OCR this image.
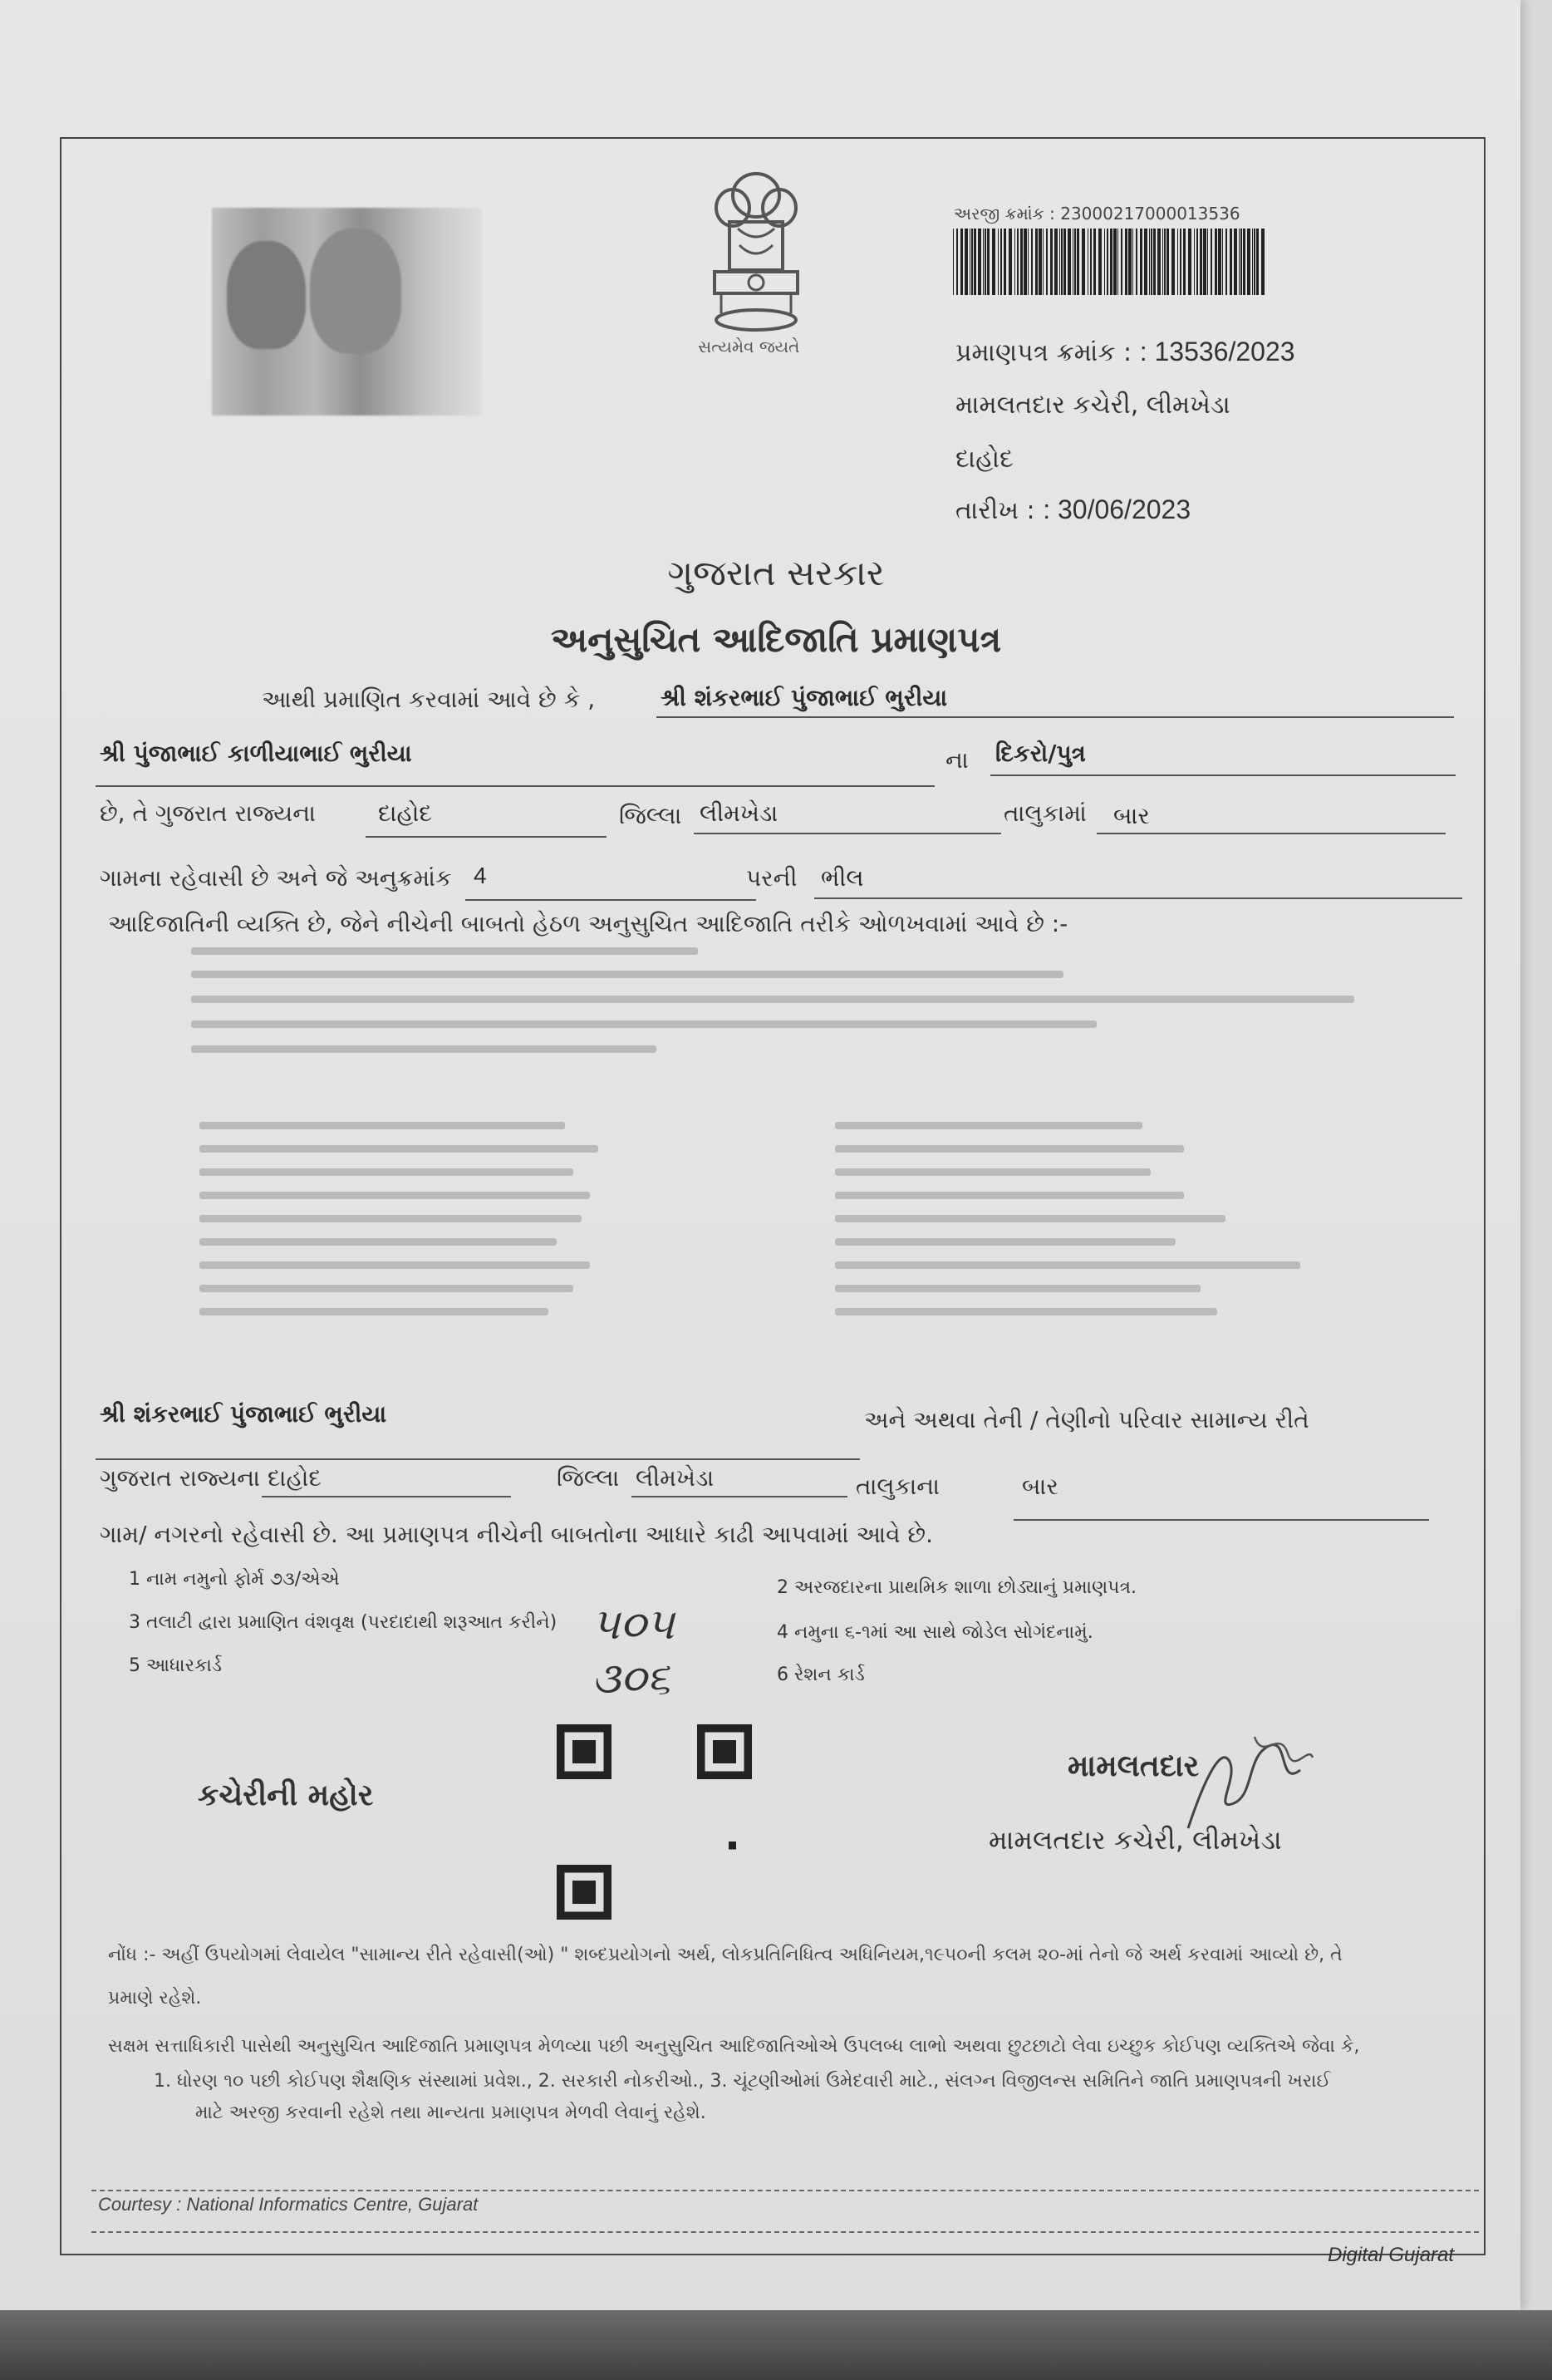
સત્યમેવ જયતે
અરજી ક્રમાંક : 23000217000013536
પ્રમાણપત્ર ક્રમાંક : : 13536/2023
મામલતદાર કચેરી, લીમખેડા
દાહોદ
તારીખ : : 30/06/2023
ગુજરાત સરકાર
અનુસુચિત આદિજાતિ પ્રમાણપત્ર
આથી પ્રમાણિત કરવામાં આવે છે કે ,	શ્રી શંકરભાઈ પુંજાભાઈ ભુરીયા
શ્રી પુંજાભાઈ કાળીયાભાઈ ભુરીયા	ના દિકરો/પુત્ર
છે, તે ગુજરાત રાજ્યના	દાહોદ	જિલ્લા લીમખેડા	તાલુકામાં બાર
ગામના રહેવાસી છે અને જે અનુક્રમાંક 4	પરની ભીલ
આદિજાતિની વ્યક્તિ છે, જેને નીચેની બાબતો હેઠળ અનુસુચિત આદિજાતિ તરીકે ઓળખવામાં આવે છે :-
શ્રી શંકરભાઈ પુંજાભાઈ ભુરીયા	અને અથવા તેની / તેણીનો પરિવાર સામાન્ય રીતે
ગુજરાત રાજ્યના દાહોદ	જિલ્લા લીમખેડા	તાલુકાના	બાર
ગામ/ નગરનો રહેવાસી છે. આ પ્રમાણપત્ર નીચેની બાબતોના આધારે કાઢી આપવામાં આવે છે.
1 નામ નમુનો ફોર્મ ૭૩/એએ	2 અરજદારના પ્રાથમિક શાળા છોડ્યાનું પ્રમાણપત્ર.
3 તલાટી દ્વારા પ્રમાણિત વંશવૃક્ષ (પરદાદાથી શરૂઆત કરીને)	4 નમુના ૬-૧માં આ સાથે જોડેલ સોગંદનામું.
5 આધારકાર્ડ	6 રેશન કાર્ડ
૫૦૫
૩૦૬
કચેરીની મહોર
મામલતદાર
મામલતદાર કચેરી, લીમખેડા
નોંધ :- અહીં ઉપયોગમાં લેવાયેલ "સામાન્ય રીતે રહેવાસી(ઓ) " શબ્દપ્રયોગનો અર્થ, લોકપ્રતિનિધિત્વ અધિનિયમ,૧૯૫૦ની કલમ ૨૦-માં તેનો જે અર્થ કરવામાં આવ્યો છે, તે
પ્રમાણે રહેશે.
સક્ષમ સત્તાધિકારી પાસેથી અનુસુચિત આદિજાતિ પ્રમાણપત્ર મેળવ્યા પછી અનુસુચિત આદિજાતિઓએ ઉપલબ્ધ લાભો અથવા છુટછાટો લેવા ઇચ્છુક કોઈપણ વ્યક્તિએ જેવા કે,
1. ધોરણ ૧૦ પછી કોઈપણ શૈક્ષણિક સંસ્થામાં પ્રવેશ., 2. સરકારી નોકરીઓ., 3. ચૂંટણીઓમાં ઉમેદવારી માટે., સંલગ્ન વિજીલન્સ સમિતિને જાતિ પ્રમાણપત્રની ખરાઈ
માટે અરજી કરવાની રહેશે તથા માન્યતા પ્રમાણપત્ર મેળવી લેવાનું રહેશે.
Courtesy : National Informatics Centre, Gujarat
Digital Gujarat
